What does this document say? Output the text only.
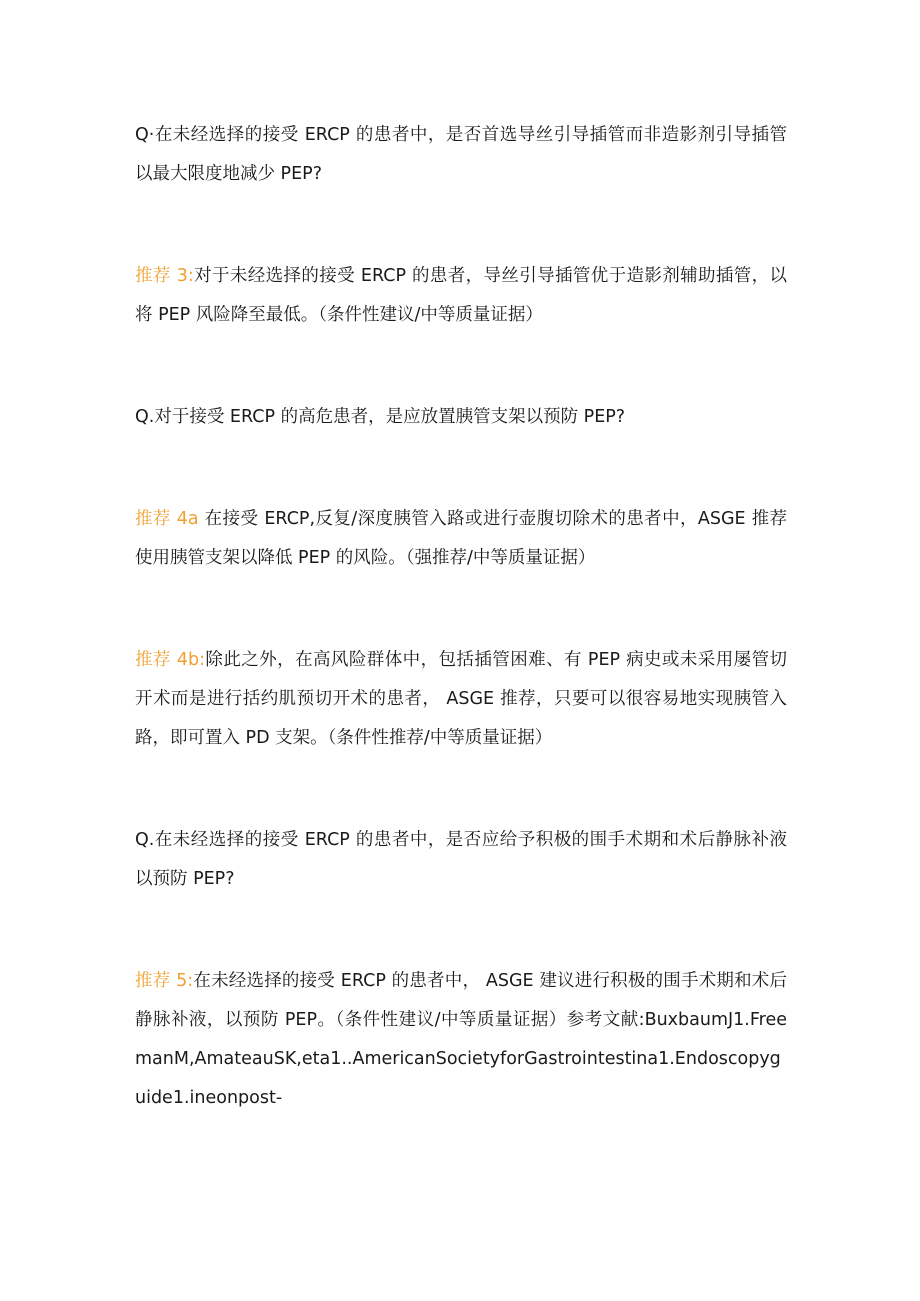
Q·在未经选择的接受 ERCP 的患者中，是否首选导丝引导插管而非造影剂引导插管以最大限度地减少 PEP?

推荐 3:对于未经选择的接受 ERCP 的患者，导丝引导插管优于造影剂辅助插管，以将 PEP 风险降至最低。（条件性建议/中等质量证据）

Q.对于接受 ERCP 的高危患者，是应放置胰管支架以预防 PEP?

推荐 4a 在接受 ERCP,反复/深度胰管入路或进行壶腹切除术的患者中，ASGE 推荐使用胰管支架以降低 PEP 的风险。（强推荐/中等质量证据）

推荐 4b:除此之外，在高风险群体中，包括插管困难、有 PEP 病史或未采用屡管切开术而是进行括约肌预切开术的患者， ASGE 推荐，只要可以很容易地实现胰管入路，即可置入 PD 支架。（条件性推荐/中等质量证据）

Q.在未经选择的接受 ERCP 的患者中，是否应给予积极的围手术期和术后静脉补液以预防 PEP?

推荐 5:在未经选择的接受 ERCP 的患者中， ASGE 建议进行积极的围手术期和术后静脉补液，以预防 PEP。（条件性建议/中等质量证据）参考文献:BuxbaumJ1.FreemanM,AmateauSK,eta1..AmericanSocietyforGastrointestina1.Endoscopyguide1.ineonpost-
